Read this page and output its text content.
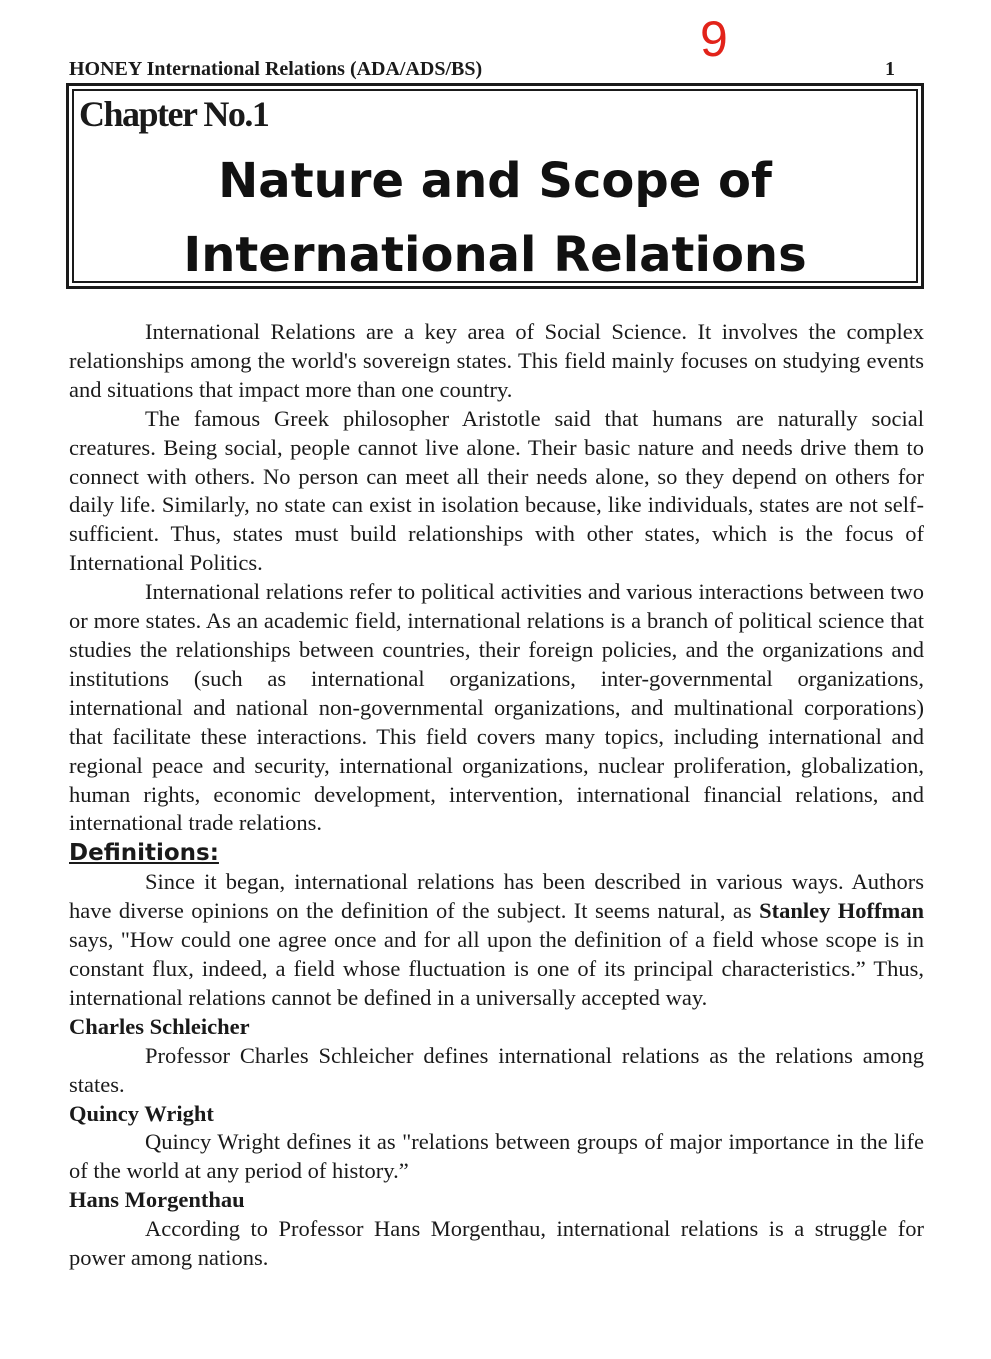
9
HONEY International Relations (ADA/ADS/BS)	1
Chapter No.1
Nature and Scope of
International Relations

International Relations are a key area of Social Science. It involves the complex relationships among the world's sovereign states. This field mainly focuses on studying events and situations that impact more than one country.

The famous Greek philosopher Aristotle said that humans are naturally social creatures. Being social, people cannot live alone. Their basic nature and needs drive them to connect with others. No person can meet all their needs alone, so they depend on others for daily life. Similarly, no state can exist in isolation because, like individuals, states are not self-sufficient. Thus, states must build relationships with other states, which is the focus of International Politics.

International relations refer to political activities and various interactions between two or more states. As an academic field, international relations is a branch of political science that studies the relationships between countries, their foreign policies, and the organizations and institutions (such as international organizations, inter-governmental organizations, international and national non-governmental organizations, and multinational corporations) that facilitate these interactions. This field covers many topics, including international and regional peace and security, international organizations, nuclear proliferation, globalization, human rights, economic development, intervention, international financial relations, and international trade relations.

Definitions:

Since it began, international relations has been described in various ways. Authors have diverse opinions on the definition of the subject. It seems natural, as Stanley Hoffman says, "How could one agree once and for all upon the definition of a field whose scope is in constant flux, indeed, a field whose fluctuation is one of its principal characteristics.” Thus, international relations cannot be defined in a universally accepted way.

Charles Schleicher

Professor Charles Schleicher defines international relations as the relations among states.

Quincy Wright

Quincy Wright defines it as "relations between groups of major importance in the life of the world at any period of history.”

Hans Morgenthau

According to Professor Hans Morgenthau, international relations is a struggle for power among nations.
